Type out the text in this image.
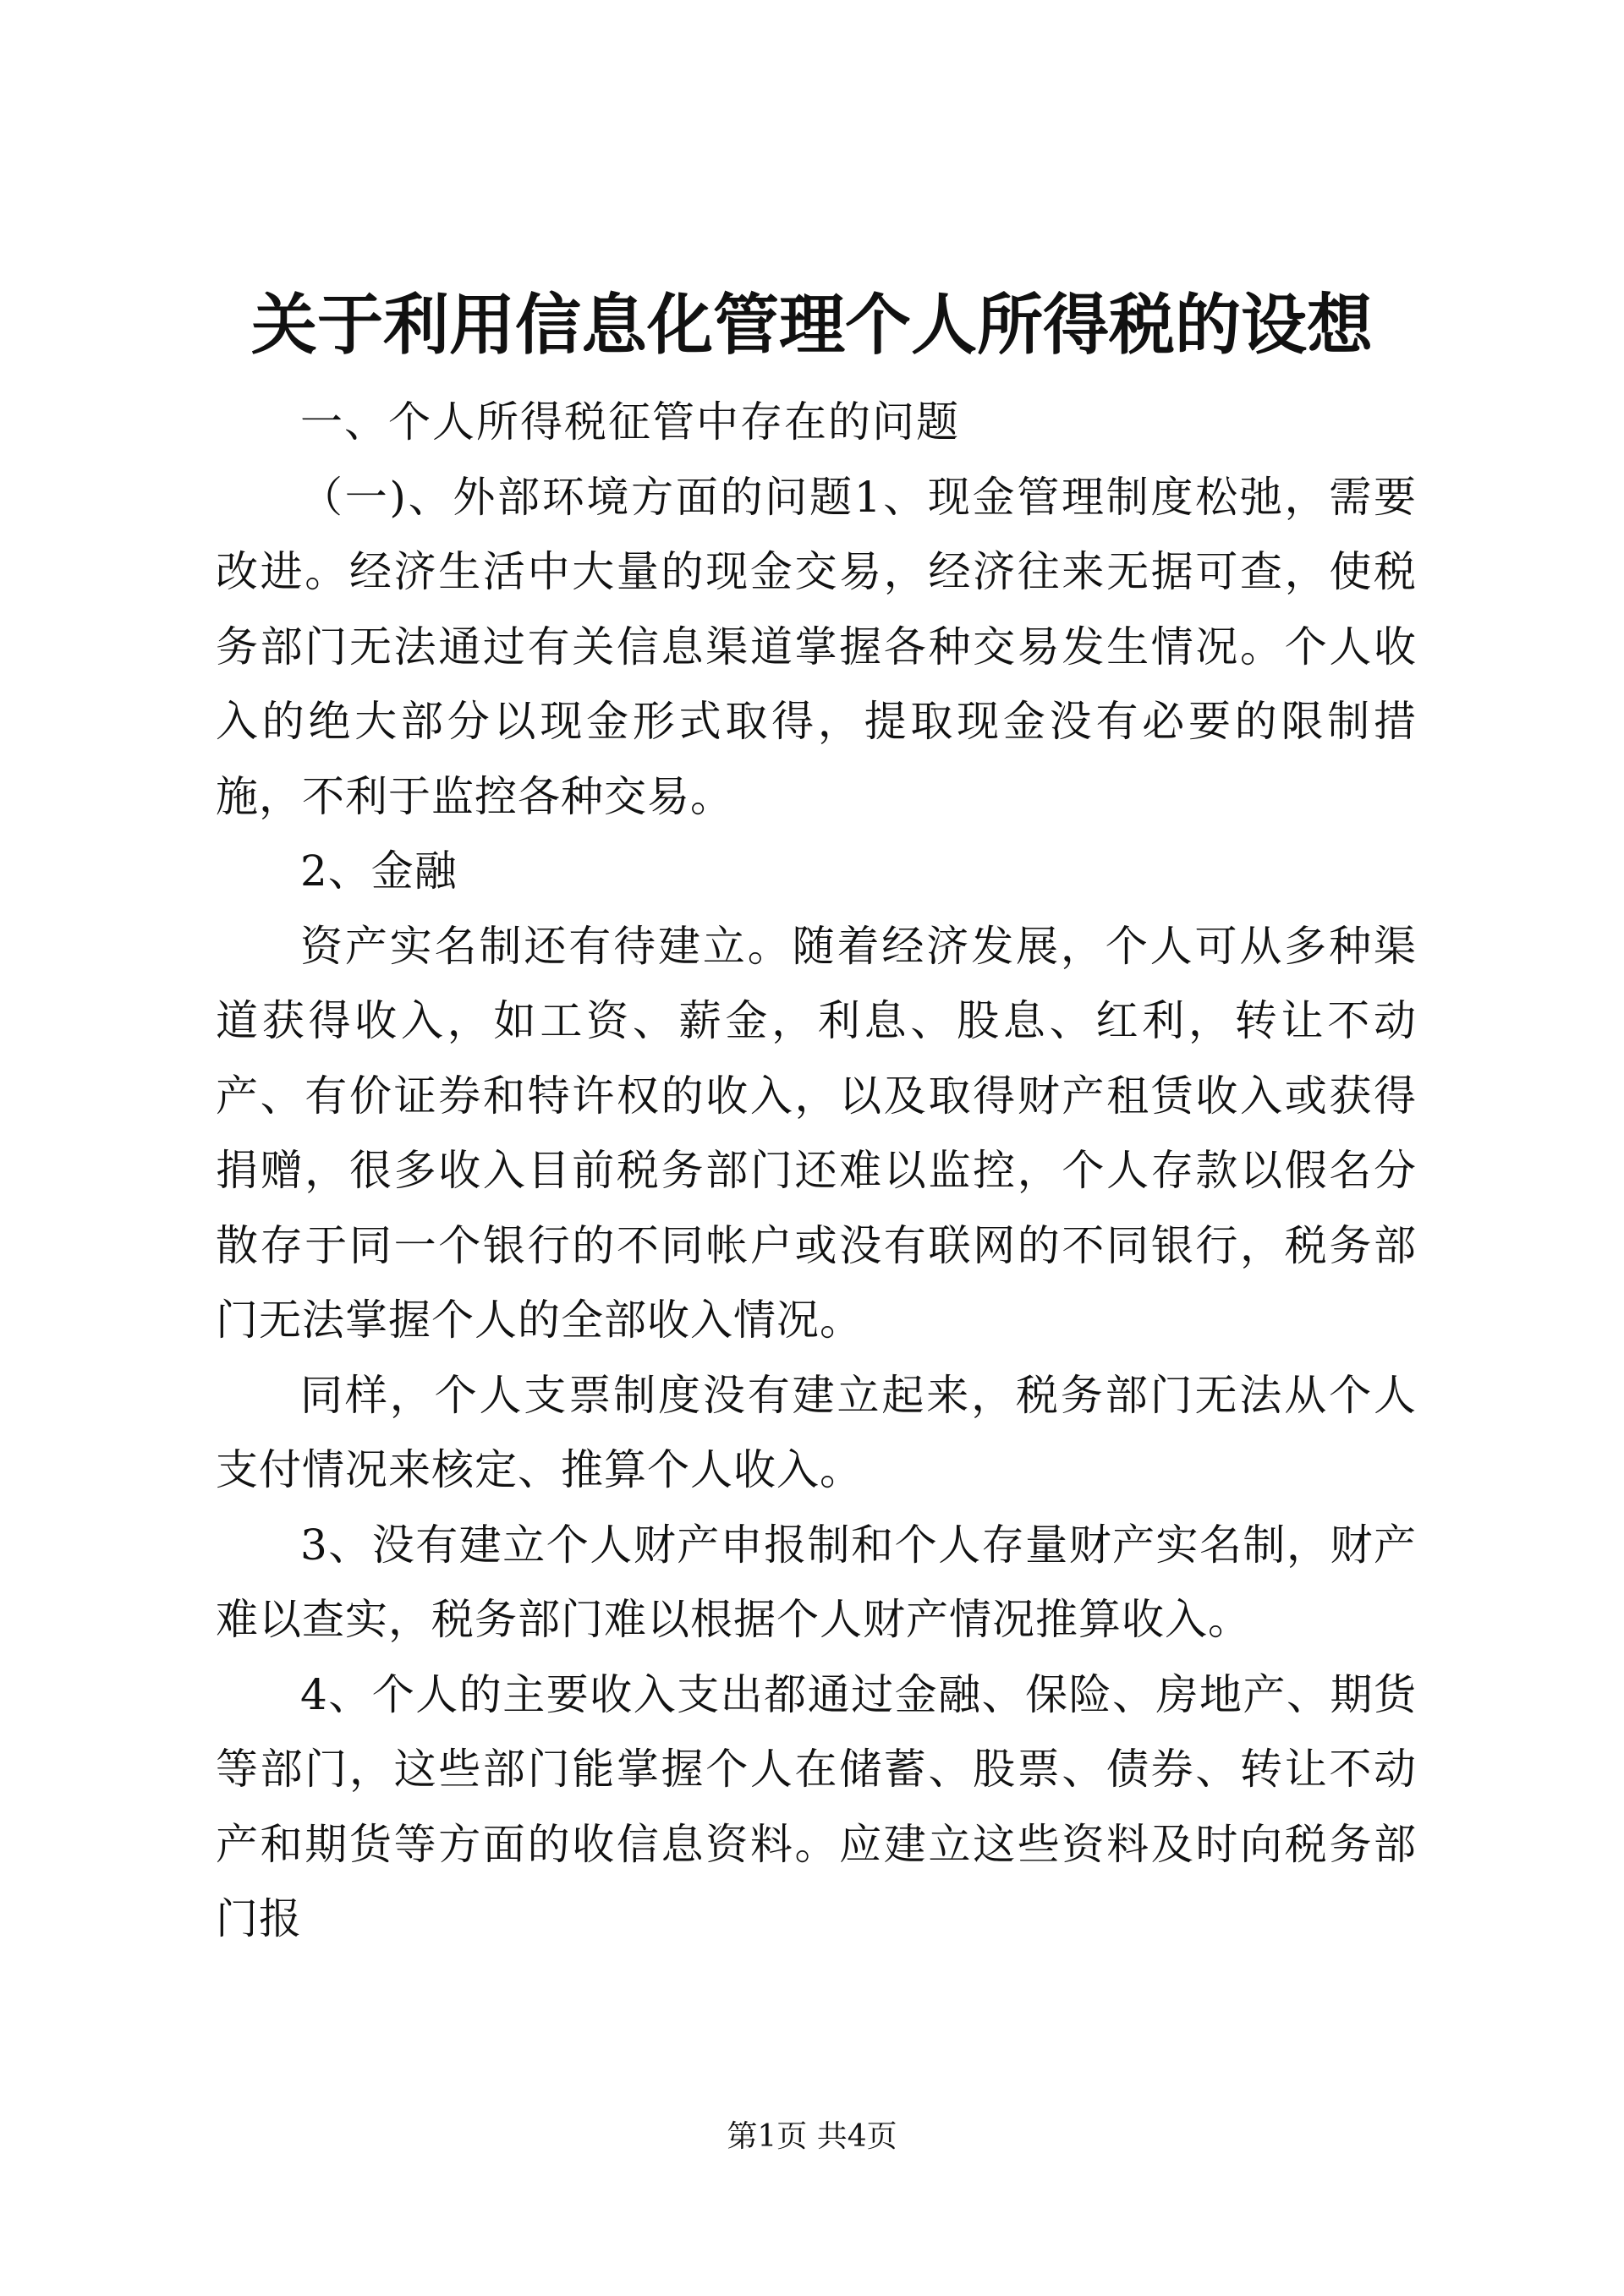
关于利用信息化管理个人所得税的设想

一、个人所得税征管中存在的问题

（一)、外部环境方面的问题1、现金管理制度松弛，需要改进。经济生活中大量的现金交易，经济往来无据可查，使税务部门无法通过有关信息渠道掌握各种交易发生情况。个人收入的绝大部分以现金形式取得，提取现金没有必要的限制措施，不利于监控各种交易。

2、金融

资产实名制还有待建立。随着经济发展，个人可从多种渠道获得收入，如工资、薪金，利息、股息、红利，转让不动产、有价证券和特许权的收入，以及取得财产租赁收入或获得捐赠，很多收入目前税务部门还难以监控，个人存款以假名分散存于同一个银行的不同帐户或没有联网的不同银行，税务部门无法掌握个人的全部收入情况。

同样，个人支票制度没有建立起来，税务部门无法从个人支付情况来核定、推算个人收入。

3、没有建立个人财产申报制和个人存量财产实名制，财产难以查实，税务部门难以根据个人财产情况推算收入。

4、个人的主要收入支出都通过金融、保险、房地产、期货等部门，这些部门能掌握个人在储蓄、股票、债券、转让不动产和期货等方面的收信息资料。应建立这些资料及时向税务部门报

第1页 共4页
